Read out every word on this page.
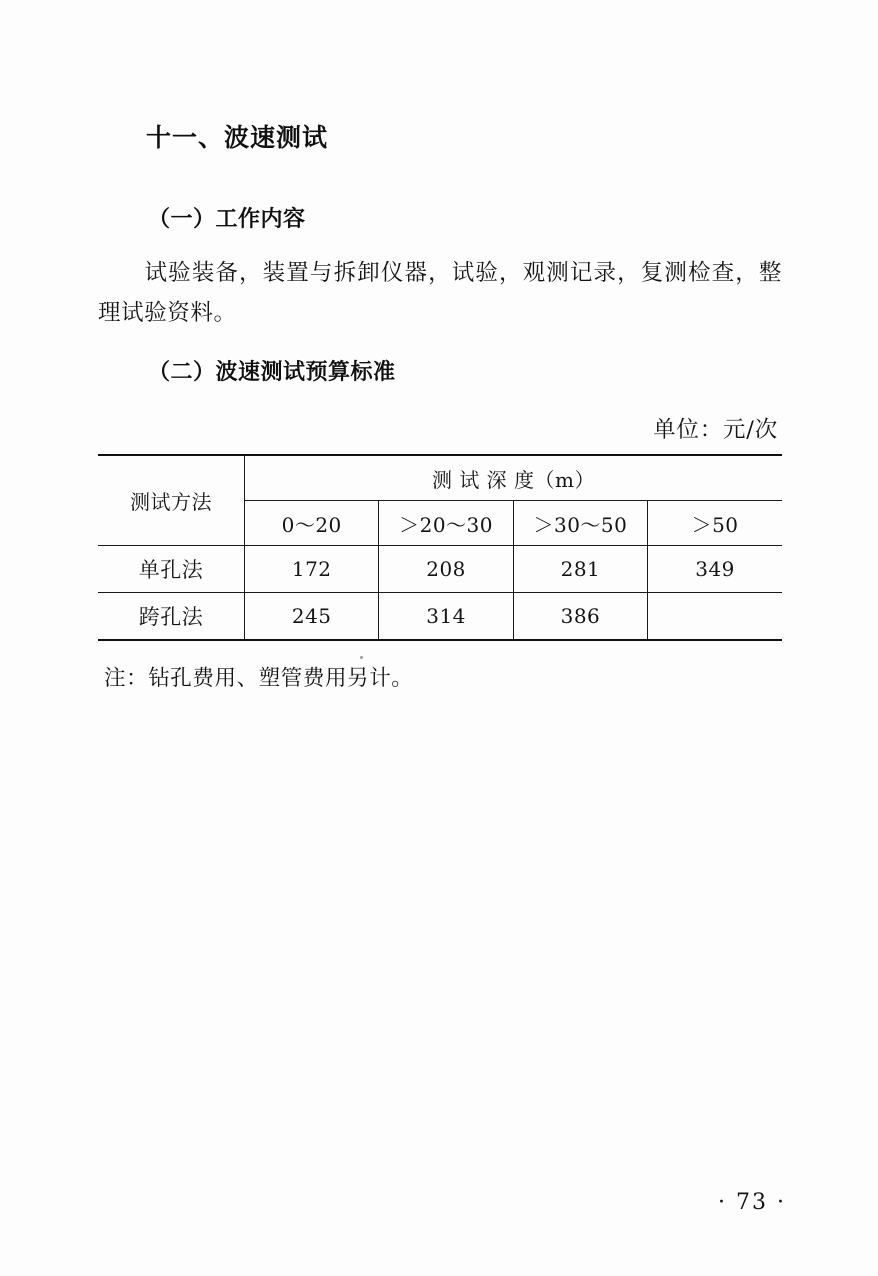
十一、波速测试
（一）工作内容

试验装备，装置与拆卸仪器，试验，观测记录，复测检查，整理试验资料。

（二）波速测试预算标准
单位：元/次
测试方法	测 试 深 度（m）			
	0～20	＞20～30	＞30～50	＞50
单孔法	172	208	281	349
跨孔法	245	314	386	
注：钻孔费用、塑管费用另计。
· 73 ·
